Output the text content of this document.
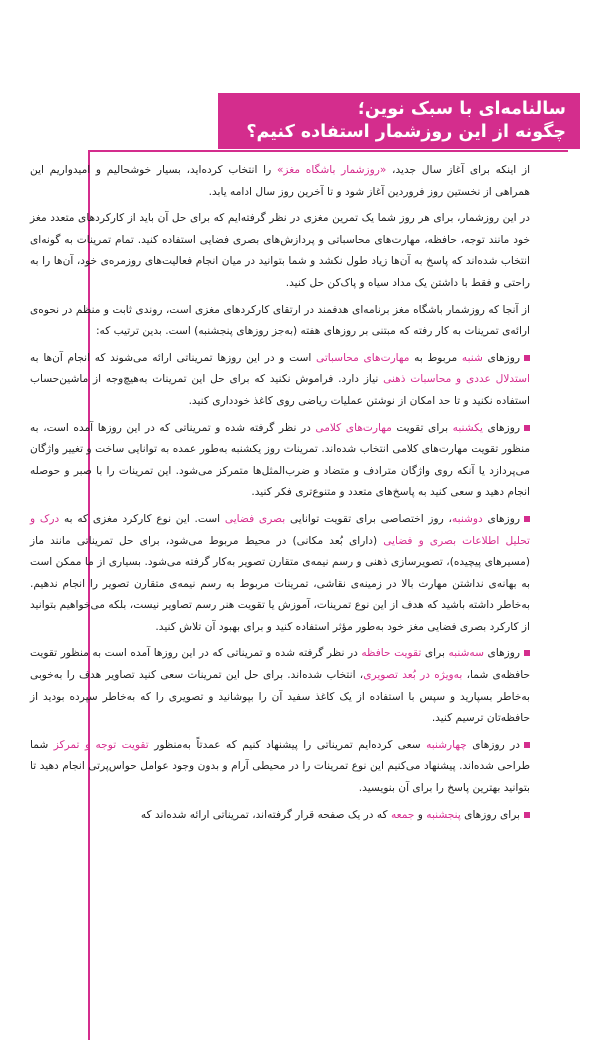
سالنامه‌ای با سبک نوین؛
چگونه از این روزشمار استفاده کنیم؟

از اینکه برای آغاز سال جدید، «روزشمار باشگاه مغز» را انتخاب کرده‌اید، بسیار خوشحالیم و امیدواریم این همراهی از نخستین روز فروردین آغاز شود و تا آخرین روز سال ادامه یابد.

در این روزشمار، برای هر روز شما یک تمرین مغزی در نظر گرفته‌ایم که برای حل آن باید از کارکردهای متعدد مغز خود مانند توجه، حافظه، مهارت‌های محاسباتی و پردازش‌های بصری فضایی استفاده کنید. تمام تمرینات به گونه‌ای انتخاب شده‌اند که پاسخ به آن‌ها زیاد طول نکشد و شما بتوانید در میان انجام فعالیت‌های روزمره‌ی خود، آن‌ها را به راحتی و فقط با داشتن یک مداد سیاه و پاک‌کن حل کنید.

از آنجا که روزشمار باشگاه مغز برنامه‌ای هدفمند در ارتقای کارکردهای مغزی است، روندی ثابت و منظم در نحوه‌ی ارائه‌ی تمرینات به کار رفته که مبتنی بر روزهای هفته (به‌جز روزهای پنجشنبه) است. بدین ترتیب که:

روزهای شنبه مربوط به مهارت‌های محاسباتی است و در این روزها تمریناتی ارائه می‌شوند که انجام آن‌ها به استدلال عددی و محاسبات ذهنی نیاز دارد. فراموش نکنید که برای حل این تمرینات به‌هیچ‌وجه از ماشین‌حساب استفاده نکنید و تا حد امکان از نوشتن عملیات ریاضی روی کاغذ خودداری کنید.

روزهای یکشنبه برای تقویت مهارت‌های کلامی در نظر گرفته شده و تمریناتی که در این روزها آمده است، به منظور تقویت مهارت‌های کلامی انتخاب شده‌اند. تمرینات روز یکشنبه به‌طور عمده به توانایی ساخت و تغییر واژگان می‌پردازد یا آنکه روی واژگان مترادف و متضاد و ضرب‌المثل‌ها متمرکز می‌شود. این تمرینات را با صبر و حوصله انجام دهید و سعی کنید به پاسخ‌های متعدد و متنوع‌تری فکر کنید.

روزهای دوشنبه، روز اختصاصی برای تقویت توانایی بصری فضایی است. این نوع کارکرد مغزی که به درک و تحلیل اطلاعات بصری و فضایی (دارای بُعد مکانی) در محیط مربوط می‌شود، برای حل تمریناتی مانند ماز (مسیرهای پیچیده)، تصویرسازی ذهنی و رسم نیمه‌ی متقارن تصویر به‌کار گرفته می‌شود. بسیاری از ما ممکن است به بهانه‌ی نداشتن مهارت بالا در زمینه‌ی نقاشی، تمرینات مربوط به رسم نیمه‌ی متقارن تصویر را انجام ندهیم. به‌خاطر داشته باشید که هدف از این نوع تمرینات، آموزش یا تقویت هنر رسم تصاویر نیست، بلکه می‌خواهیم بتوانید از کارکرد بصری فضایی مغز خود به‌طور مؤثر استفاده کنید و برای بهبود آن تلاش کنید.

روزهای سه‌شنبه برای تقویت حافظه در نظر گرفته شده و تمریناتی که در این روزها آمده است به منظور تقویت حافظه‌ی شما، به‌ویژه در بُعد تصویری، انتخاب شده‌اند. برای حل این تمرینات سعی کنید تصاویر هدف را به‌خوبی به‌خاطر بسپارید و سپس با استفاده از یک کاغذ سفید آن را بپوشانید و تصویری را که به‌خاطر سپرده بودید از حافظه‌تان ترسیم کنید.

در روزهای چهارشنبه سعی کرده‌ایم تمریناتی را پیشنهاد کنیم که عمدتاً به‌منظور تقویت توجه و تمرکز شما طراحی شده‌اند. پیشنهاد می‌کنیم این نوع تمرینات را در محیطی آرام و بدون وجود عوامل حواس‌پرتی انجام دهید تا بتوانید بهترین پاسخ را برای آن بنویسید.

برای روزهای پنجشنبه و جمعه که در یک صفحه قرار گرفته‌اند، تمریناتی ارائه شده‌اند که
